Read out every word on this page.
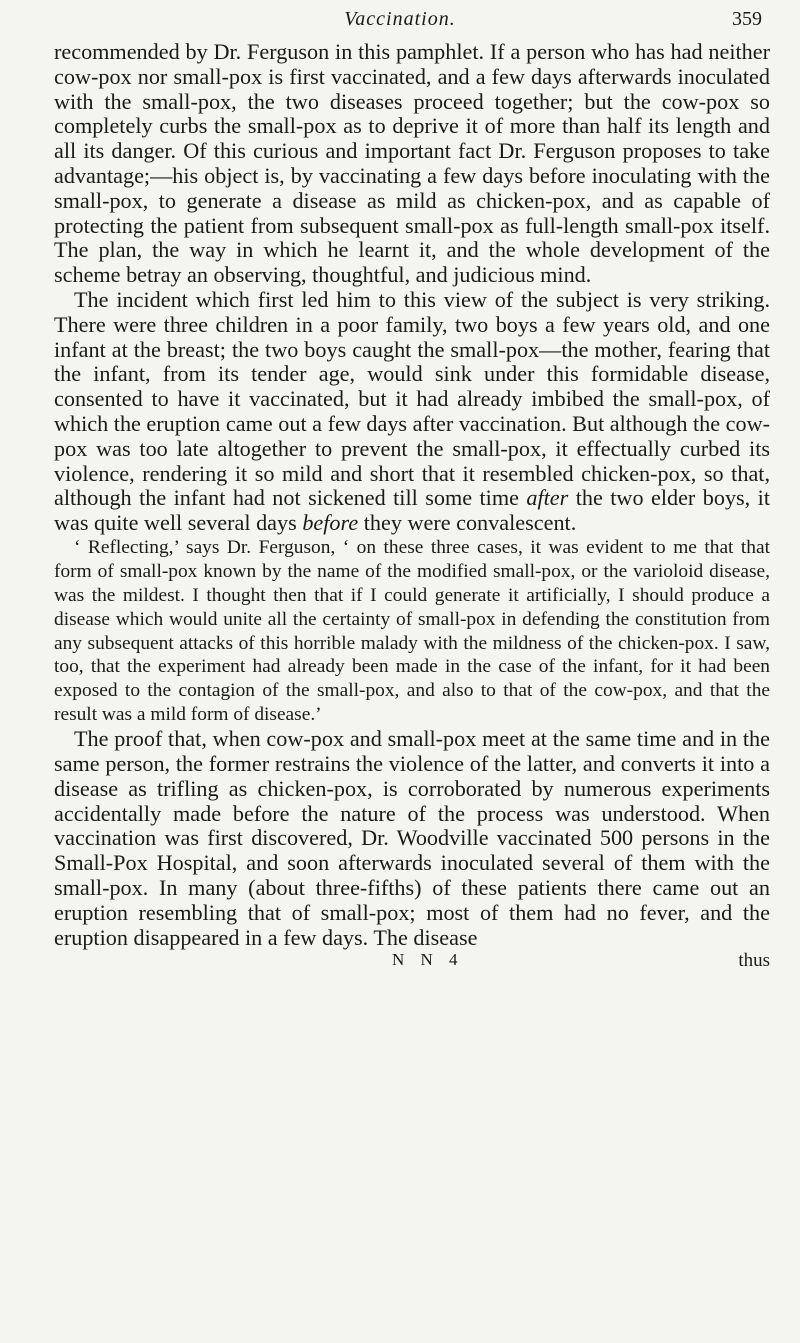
Vaccination.	359

recommended by Dr. Ferguson in this pamphlet. If a person who has had neither cow-pox nor small-pox is first vaccinated, and a few days afterwards inoculated with the small-pox, the two diseases proceed together; but the cow-pox so completely curbs the small-pox as to deprive it of more than half its length and all its danger. Of this curious and important fact Dr. Ferguson proposes to take advantage;—his object is, by vaccinating a few days before inoculating with the small-pox, to generate a disease as mild as chicken-pox, and as capable of protecting the patient from subsequent small-pox as full-length small-pox itself. The plan, the way in which he learnt it, and the whole development of the scheme betray an observing, thoughtful, and judicious mind.

The incident which first led him to this view of the subject is very striking. There were three children in a poor family, two boys a few years old, and one infant at the breast; the two boys caught the small-pox—the mother, fearing that the infant, from its tender age, would sink under this formidable disease, consented to have it vaccinated, but it had already imbibed the small-pox, of which the eruption came out a few days after vaccination. But although the cow-pox was too late altogether to prevent the small-pox, it effectually curbed its violence, rendering it so mild and short that it resembled chicken-pox, so that, although the infant had not sickened till some time after the two elder boys, it was quite well several days before they were convalescent.

‘ Reflecting,’ says Dr. Ferguson, ‘ on these three cases, it was evident to me that that form of small-pox known by the name of the modified small-pox, or the varioloid disease, was the mildest. I thought then that if I could generate it artificially, I should produce a disease which would unite all the certainty of small-pox in defending the constitution from any subsequent attacks of this horrible malady with the mildness of the chicken-pox. I saw, too, that the experiment had already been made in the case of the infant, for it had been exposed to the contagion of the small-pox, and also to that of the cow-pox, and that the result was a mild form of disease.’

The proof that, when cow-pox and small-pox meet at the same time and in the same person, the former restrains the violence of the latter, and converts it into a disease as trifling as chicken-pox, is corroborated by numerous experiments accidentally made before the nature of the process was understood. When vaccination was first discovered, Dr. Woodville vaccinated 500 persons in the Small-Pox Hospital, and soon afterwards inoculated several of them with the small-pox. In many (about three-fifths) of these patients there came out an eruption resembling that of small-pox; most of them had no fever, and the eruption disappeared in a few days. The disease

N N 4	thus
